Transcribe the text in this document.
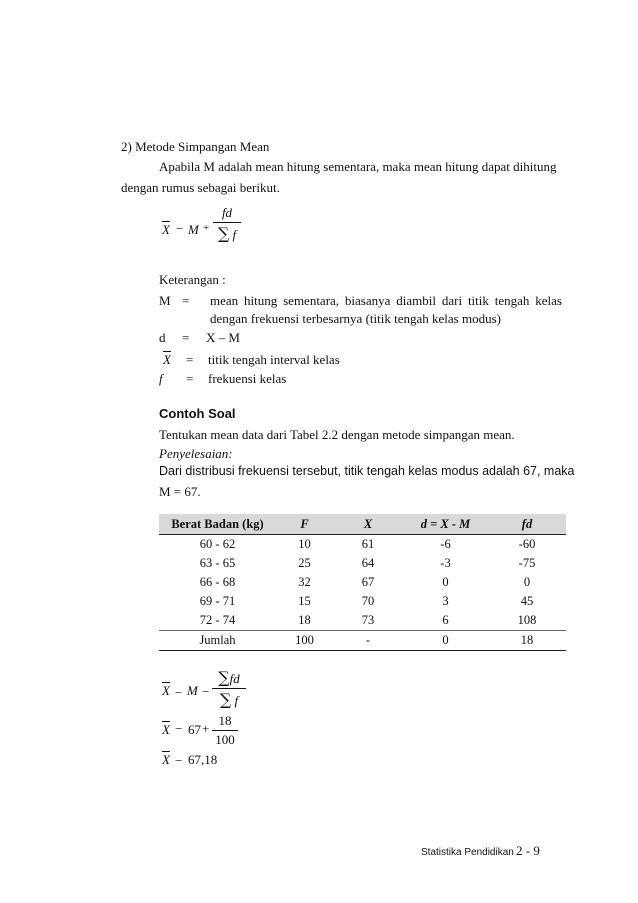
2) Metode Simpangan Mean
Apabila M adalah mean hitung sementara, maka mean hitung dapat dihitung
dengan rumus sebagai berikut.
$\overline{X} - M$ +
fd
∑ f
Keterangan :
M = mean hitung sementara, biasanya diambil dari titik tengah kelas
dengan frekuensi terbesarnya (titik tengah kelas modus)
d = X – M
$\overline{X}$ = titik tengah interval kelas
f = frekuensi kelas
Contoh Soal
Tentukan mean data dari Tabel 2.2 dengan metode simpangan mean.
Penyelesaian:
Dari distribusi frekuensi tersebut, titik tengah kelas modus adalah 67, maka
M = 67.
Berat Badan (kg)	F	X	d = X - M	fd
60 - 62	10	61	-6	-60
63 - 65	25	64	-3	-75
66 - 68	32	67	0	0
69 - 71	15	70	3	45
72 - 74	18	73	6	108
Jumlah	100	-	0	18
$\overline{X} - M$ −
∑fd
∑ f
$\overline{X} - 67$ +
18
100
$\overline{X} - 67,18$
Statistika Pendidikan 2 - 9
